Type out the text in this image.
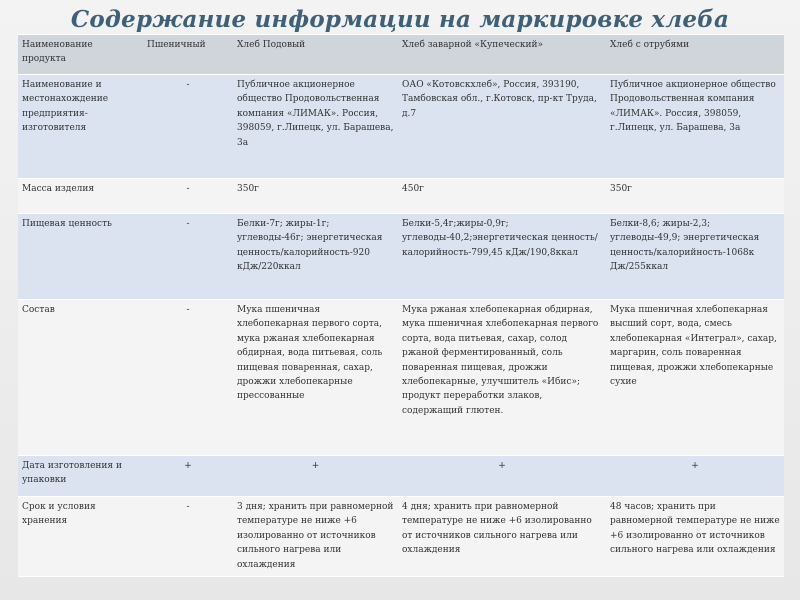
Содержание информации на маркировке хлеба
Наименование продукта	Пшеничный	Хлеб Подовый	Хлеб заварной «Купеческий»	Хлеб с отрубями
Наименование и местонахождение предприятия-изготовителя	-	Публичное акционерное общество Продовольственная компания «ЛИМАК». Россия, 398059, г.Липецк, ул. Барашева, 3а	ОАО «Котовскхлеб», Россия, 393190, Тамбовская обл., г.Котовск, пр-кт Труда, д.7	Публичное акционерное общество Продовольственная компания «ЛИМАК». Россия, 398059, г.Липецк, ул. Барашева, 3а
Масса изделия	-	350г	450г	350г
Пищевая ценность	-	Белки-7г; жиры-1г; углеводы-46г; энергетическая ценность/калорийность-920 кДж/220ккал	Белки-5,4г;жиры-0,9г; углеводы-40,2;энергетическая ценность/калорийность-799,45 кДж/190,8ккал	Белки-8,6; жиры-2,3; углеводы-49,9; энергетическая ценность/калорийность-1068к Дж/255ккал
Состав	-	Мука пшеничная хлебопекарная первого сорта, мука ржаная хлебопекарная обдирная, вода питьевая, соль пищевая поваренная, сахар, дрожжи хлебопекарные прессованные	Мука ржаная хлебопекарная обдирная, мука пшеничная хлебопекарная первого сорта, вода питьевая, сахар, солод ржаной ферментированный, соль поваренная пищевая, дрожжи хлебопекарные, улучшитель «Ибис»; продукт переработки злаков, содержащий глютен.	Мука пшеничная хлебопекарная высший сорт, вода, смесь хлебопекарная «Интеграл», сахар, маргарин, соль поваренная пищевая, дрожжи хлебопекарные сухие
Дата изготовления и упаковки	+	+	+	+
Срок и условия хранения	-	3 дня; хранить при равномерной температуре не ниже +6 изолированно от источников сильного нагрева или охлаждения	4 дня; хранить при равномерной температуре не ниже +6 изолированно от источников сильного нагрева или охлаждения	48 часов; хранить при равномерной температуре не ниже +6 изолированно от источников сильного нагрева или охлаждения
